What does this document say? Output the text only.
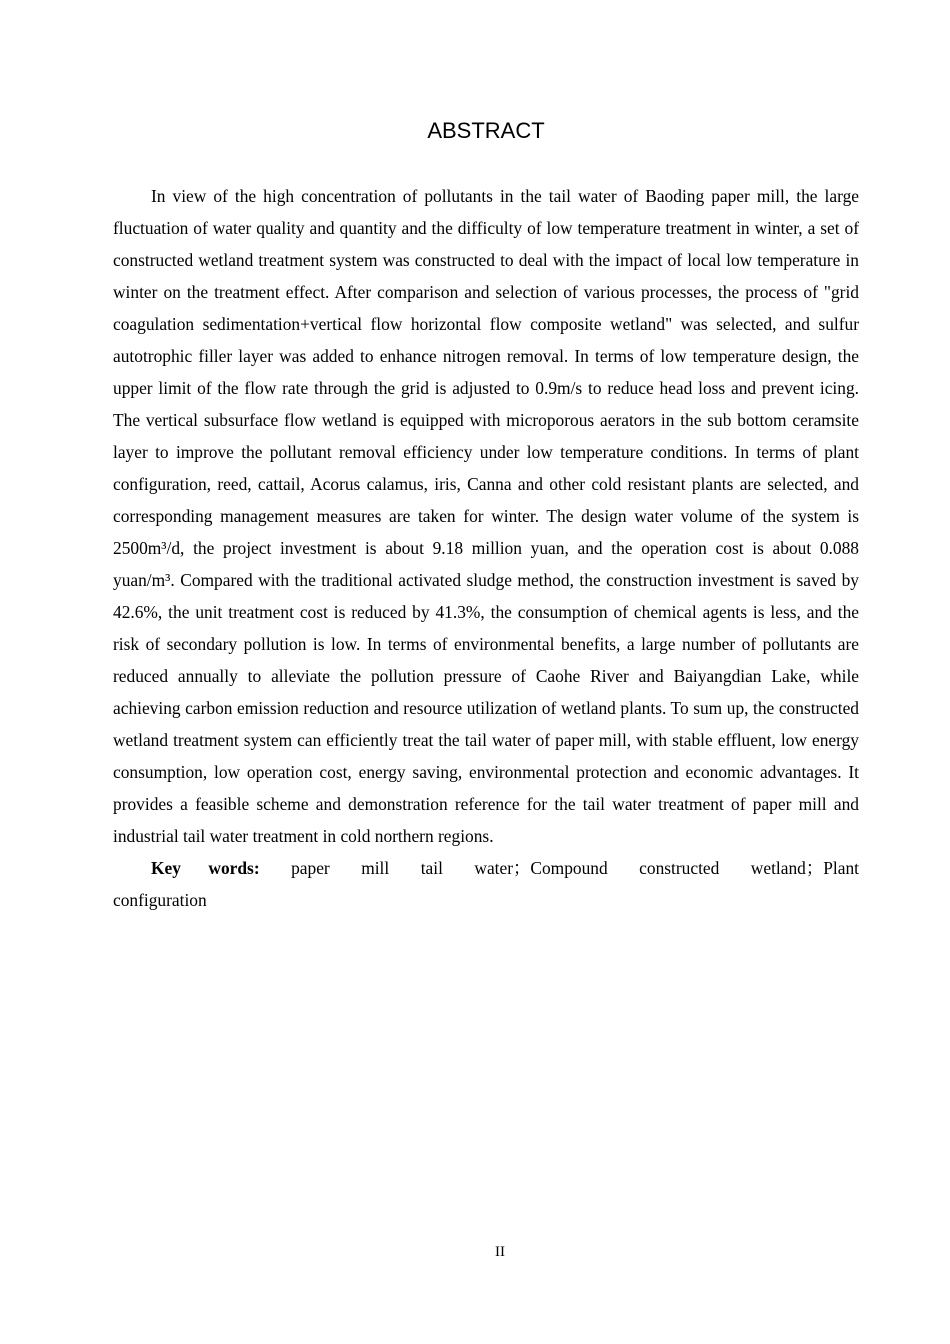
ABSTRACT

In view of the high concentration of pollutants in the tail water of Baoding paper mill, the large fluctuation of water quality and quantity and the difficulty of low temperature treatment in winter, a set of constructed wetland treatment system was constructed to deal with the impact of local low temperature in winter on the treatment effect. After comparison and selection of various processes, the process of "grid coagulation sedimentation+vertical flow horizontal flow composite wetland" was selected, and sulfur autotrophic filler layer was added to enhance nitrogen removal. In terms of low temperature design, the upper limit of the flow rate through the grid is adjusted to 0.9m/s to reduce head loss and prevent icing. The vertical subsurface flow wetland is equipped with microporous aerators in the sub bottom ceramsite layer to improve the pollutant removal efficiency under low temperature conditions. In terms of plant configuration, reed, cattail, Acorus calamus, iris, Canna and other cold resistant plants are selected, and corresponding management measures are taken for winter. The design water volume of the system is 2500m³/d, the project investment is about 9.18 million yuan, and the operation cost is about 0.088 yuan/m³. Compared with the traditional activated sludge method, the construction investment is saved by 42.6%, the unit treatment cost is reduced by 41.3%, the consumption of chemical agents is less, and the risk of secondary pollution is low. In terms of environmental benefits, a large number of pollutants are reduced annually to alleviate the pollution pressure of Caohe River and Baiyangdian Lake, while achieving carbon emission reduction and resource utilization of wetland plants. To sum up, the constructed wetland treatment system can efficiently treat the tail water of paper mill, with stable effluent, low energy consumption, low operation cost, energy saving, environmental protection and economic advantages. It provides a feasible scheme and demonstration reference for the tail water treatment of paper mill and industrial tail water treatment in cold northern regions.

Key words: paper mill tail water；Compound constructed wetland；Plant configuration

II
